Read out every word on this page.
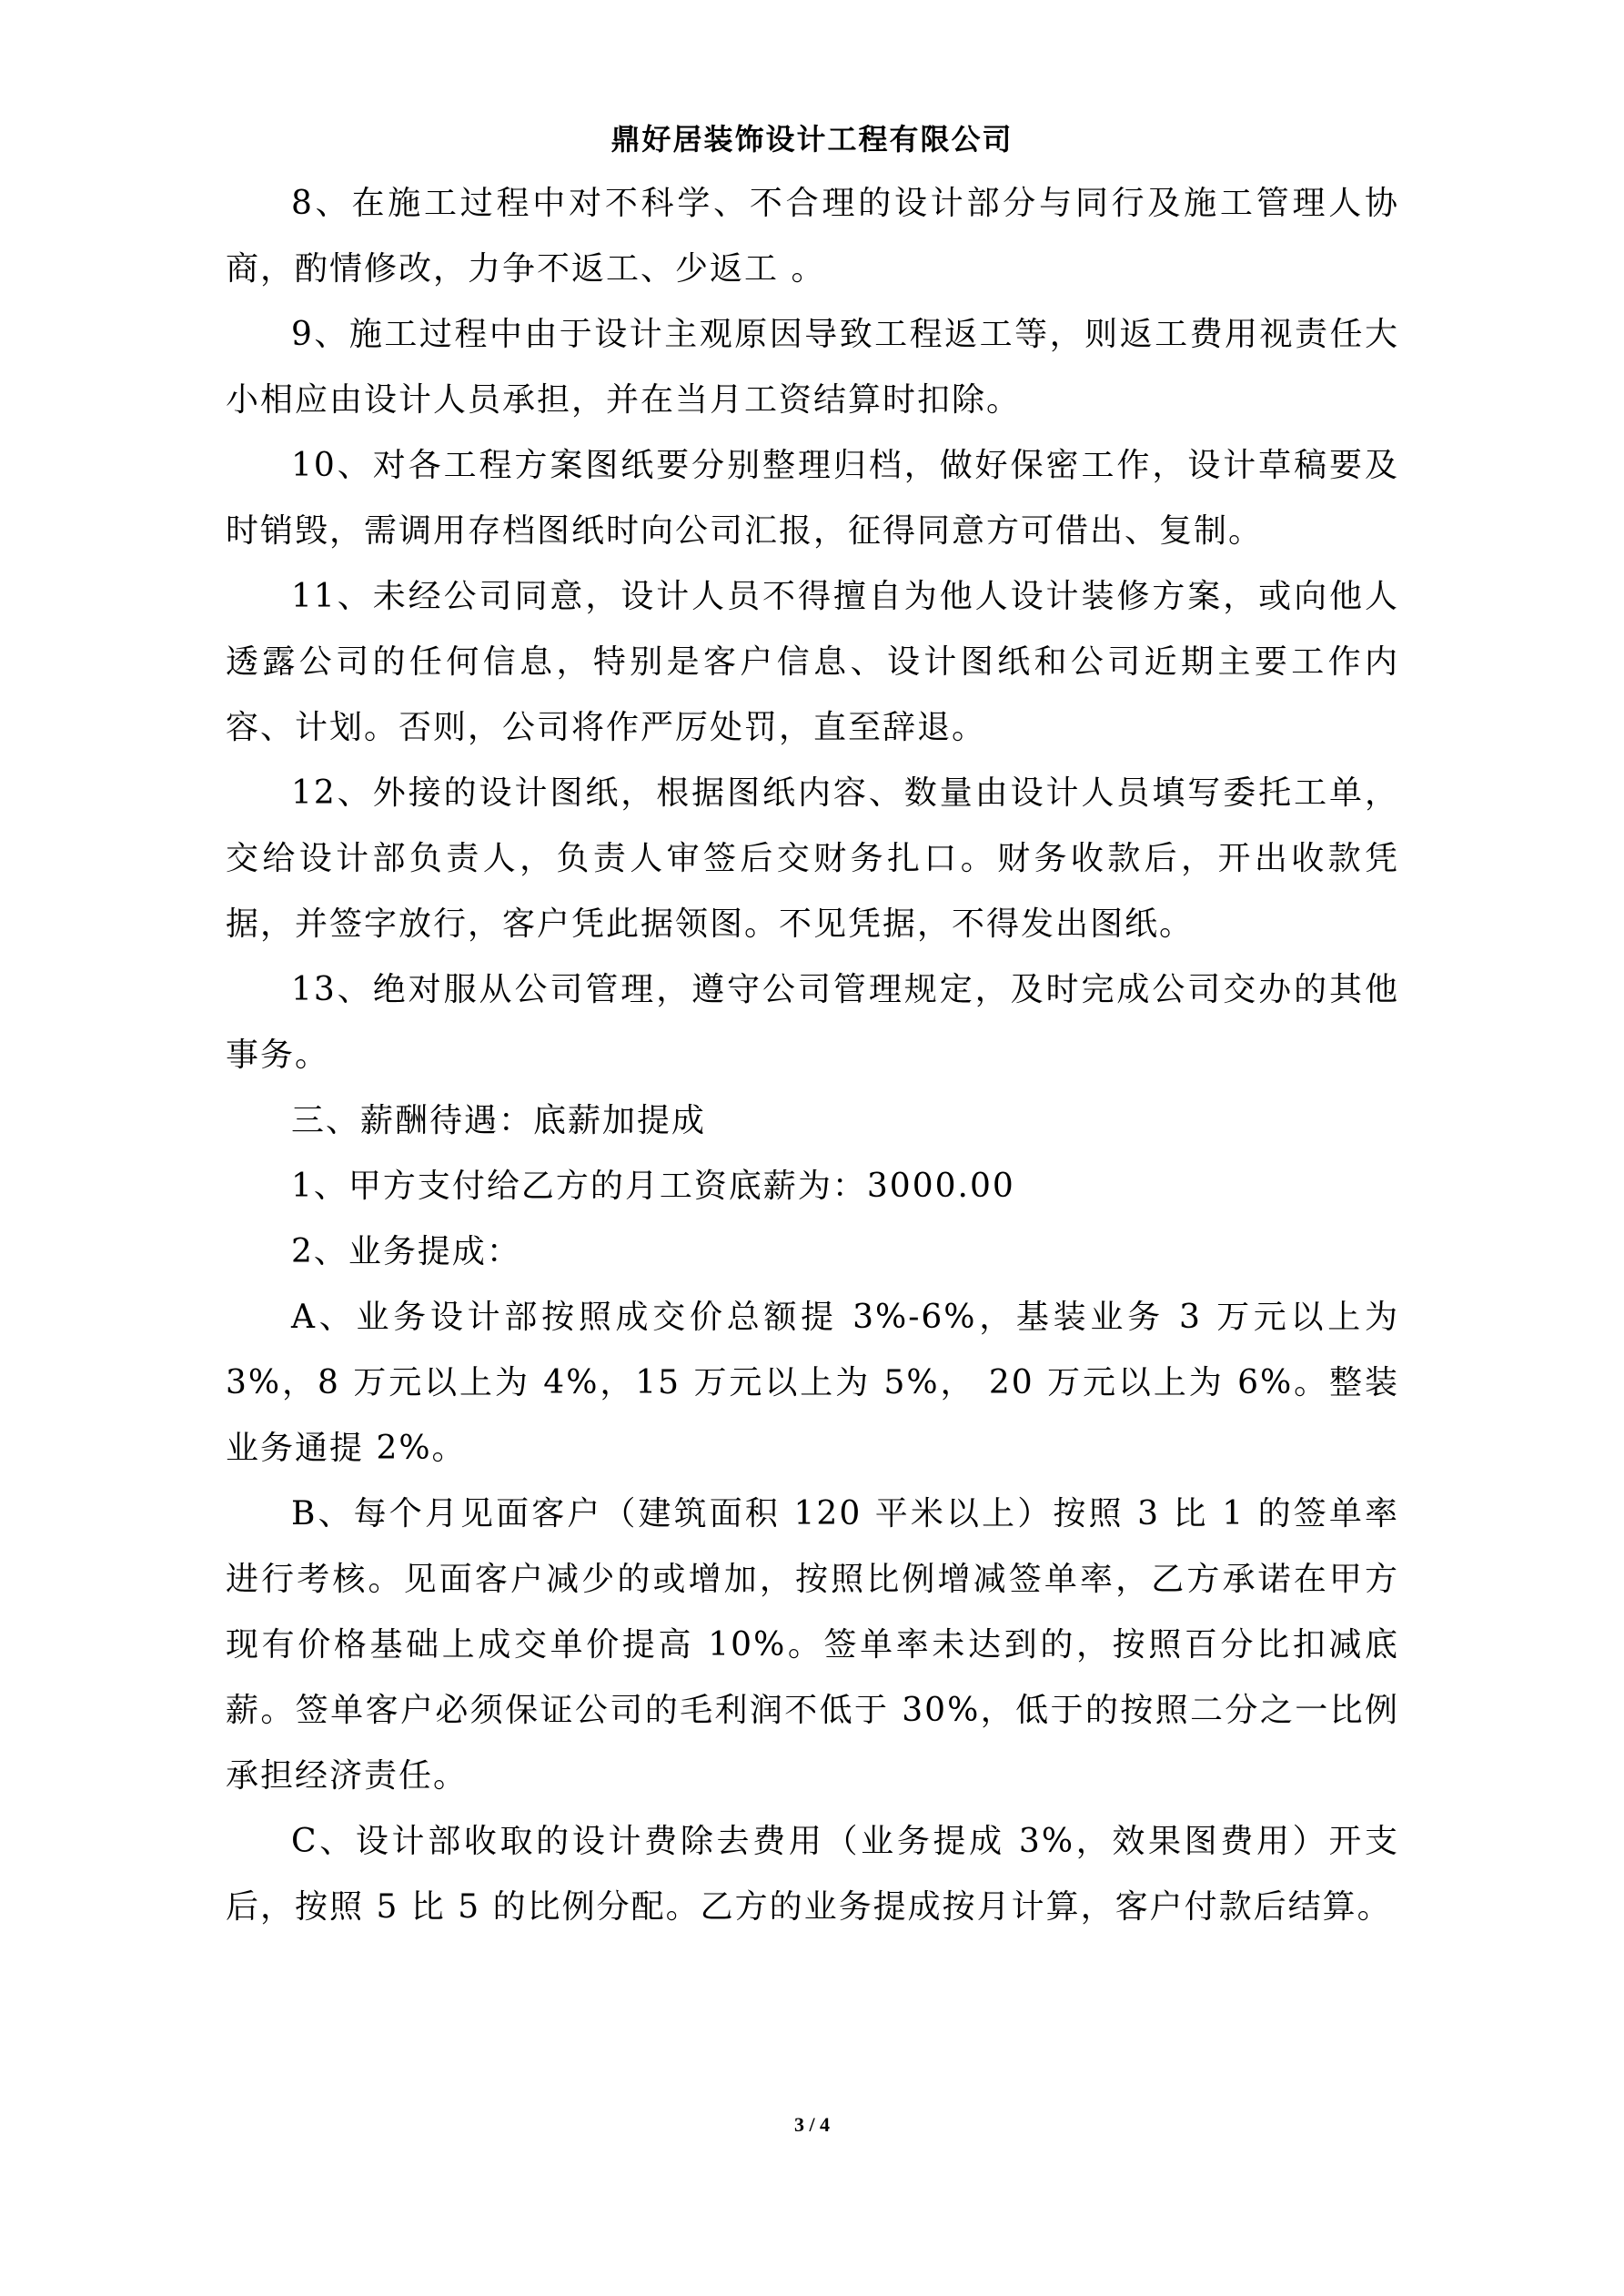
鼎好居装饰设计工程有限公司

8、在施工过程中对不科学、不合理的设计部分与同行及施工管理人协商，酌情修改，力争不返工、少返工 。

9、施工过程中由于设计主观原因导致工程返工等，则返工费用视责任大小相应由设计人员承担，并在当月工资结算时扣除。

10、对各工程方案图纸要分别整理归档，做好保密工作，设计草稿要及时销毁，需调用存档图纸时向公司汇报，征得同意方可借出、复制。

11、未经公司同意，设计人员不得擅自为他人设计装修方案，或向他人透露公司的任何信息，特别是客户信息、设计图纸和公司近期主要工作内容、计划。否则，公司将作严厉处罚，直至辞退。

12、外接的设计图纸，根据图纸内容、数量由设计人员填写委托工单，交给设计部负责人，负责人审签后交财务扎口。财务收款后，开出收款凭据，并签字放行，客户凭此据领图。不见凭据，不得发出图纸。

13、绝对服从公司管理，遵守公司管理规定，及时完成公司交办的其他事务。

三、薪酬待遇：底薪加提成

1、甲方支付给乙方的月工资底薪为：3000.00

2、业务提成：

A、业务设计部按照成交价总额提 3%-6%，基装业务 3 万元以上为 3%，8 万元以上为 4%，15 万元以上为 5%， 20 万元以上为 6%。整装业务通提 2%。

B、每个月见面客户（建筑面积 120 平米以上）按照 3 比 1 的签单率进行考核。见面客户减少的或增加，按照比例增减签单率，乙方承诺在甲方现有价格基础上成交单价提高 10%。签单率未达到的，按照百分比扣减底薪。签单客户必须保证公司的毛利润不低于 30%，低于的按照二分之一比例承担经济责任。

C、设计部收取的设计费除去费用（业务提成 3%，效果图费用）开支后，按照 5 比 5 的比例分配。乙方的业务提成按月计算，客户付款后结算。

3 / 4
